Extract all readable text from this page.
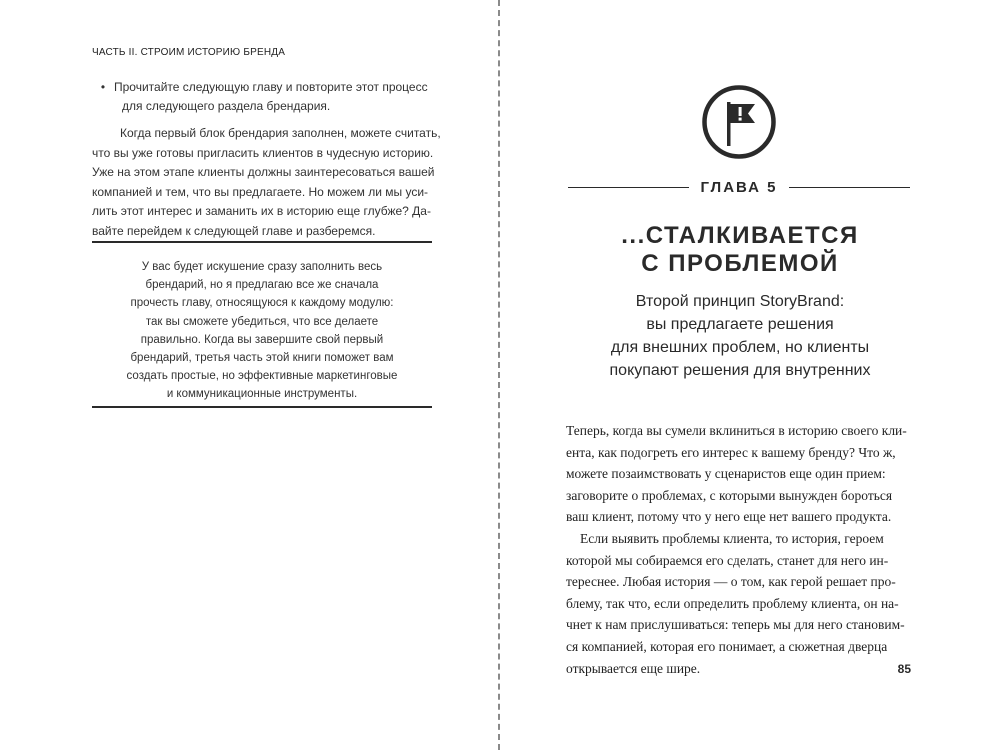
ЧАСТЬ II. СТРОИМ ИСТОРИЮ БРЕНДА
• Прочитайте следующую главу и повторите этот процесс
для следующего раздела брендария.
Когда первый блок брендария заполнен, можете считать,
что вы уже готовы пригласить клиентов в чудесную историю.
Уже на этом этапе клиенты должны заинтересоваться вашей
компанией и тем, что вы предлагаете. Но можем ли мы уси-
лить этот интерес и заманить их в историю еще глубже? Да-
вайте перейдем к следующей главе и разберемся.
У вас будет искушение сразу заполнить весь
брендарий, но я предлагаю все же сначала
прочесть главу, относящуюся к каждому модулю:
так вы сможете убедиться, что все делаете
правильно. Когда вы завершите свой первый
брендарий, третья часть этой книги поможет вам
создать простые, но эффективные маркетинговые
и коммуникационные инструменты.
ГЛАВА 5
...СТАЛКИВАЕТСЯ
С ПРОБЛЕМОЙ
Второй принцип StoryBrand:
вы предлагаете решения
для внешних проблем, но клиенты
покупают решения для внутренних
Теперь, когда вы сумели вклиниться в историю своего кли-
ента, как подогреть его интерес к вашему бренду? Что ж,
можете позаимствовать у сценаристов еще один прием:
заговорите о проблемах, с которыми вынужден бороться
ваш клиент, потому что у него еще нет вашего продукта.
Если выявить проблемы клиента, то история, героем
которой мы собираемся его сделать, станет для него ин-
тереснее. Любая история — о том, как герой решает про-
блему, так что, если определить проблему клиента, он на-
чнет к нам прислушиваться: теперь мы для него становим-
ся компанией, которая его понимает, а сюжетная дверца
открывается еще шире.	85
